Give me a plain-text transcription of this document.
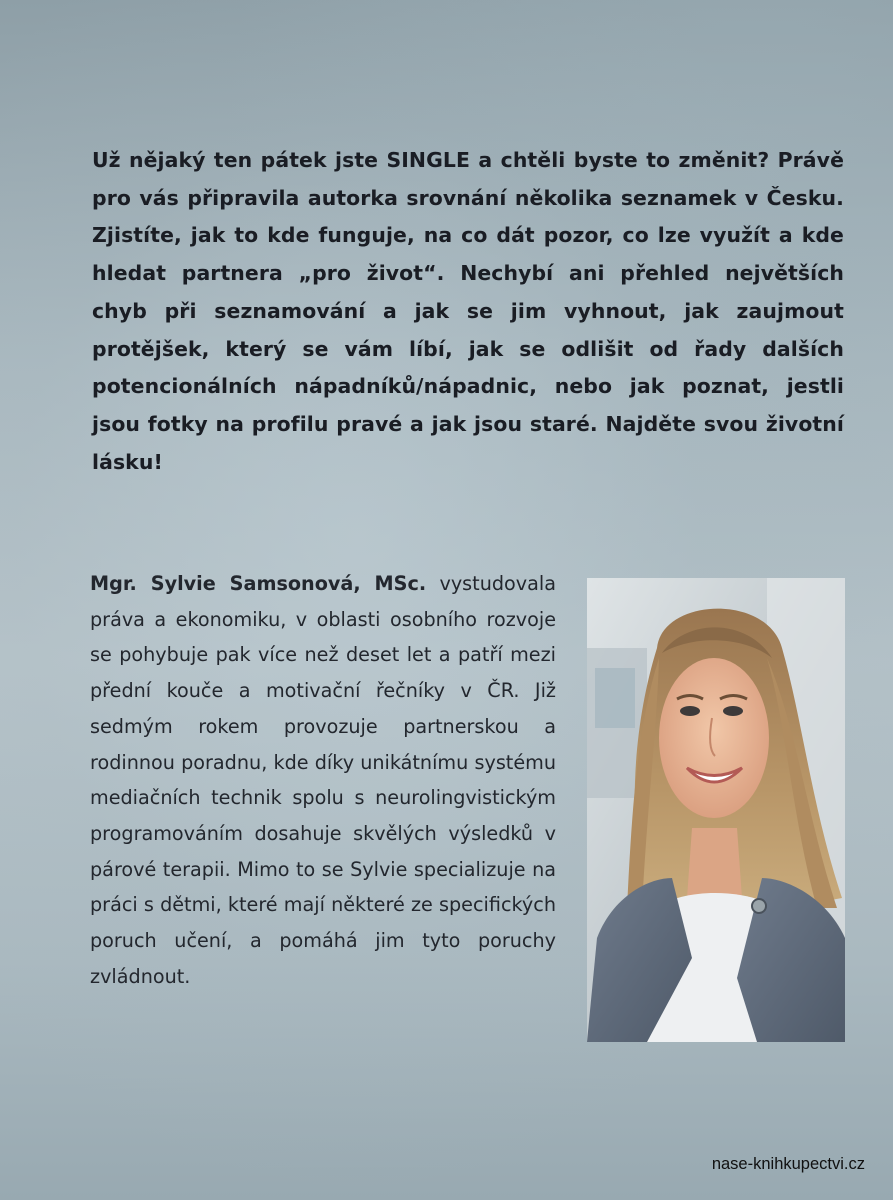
Už nějaký ten pátek jste SINGLE a chtěli byste to změnit? Právě pro vás připravila autorka srovnání několika seznamek v Česku. Zjistíte, jak to kde funguje, na co dát pozor, co lze využít a kde hledat partnera „pro život“. Nechybí ani přehled největších chyb při seznamování a jak se jim vyhnout, jak zaujmout protějšek, který se vám líbí, jak se odlišit od řady dalších potencionálních nápadníků/nápadnic, nebo jak poznat, jestli jsou fotky na profilu pravé a jak jsou staré. Najděte svou životní lásku!
Mgr. Sylvie Samsonová, MSc. vystudovala práva a ekonomiku, v oblasti osobního rozvoje se pohybuje pak více než deset let a patří mezi přední kouče a motivační řečníky v ČR. Již sedmým rokem provozuje partnerskou a rodinnou poradnu, kde díky unikátnímu systému mediačních technik spolu s neurolingvistickým programováním dosahuje skvělých výsledků v párové terapii. Mimo to se Sylvie specializuje na práci s dětmi, které mají některé ze specifických poruch učení, a pomáhá jim tyto poruchy zvládnout.
nase-knihkupectvi.cz
